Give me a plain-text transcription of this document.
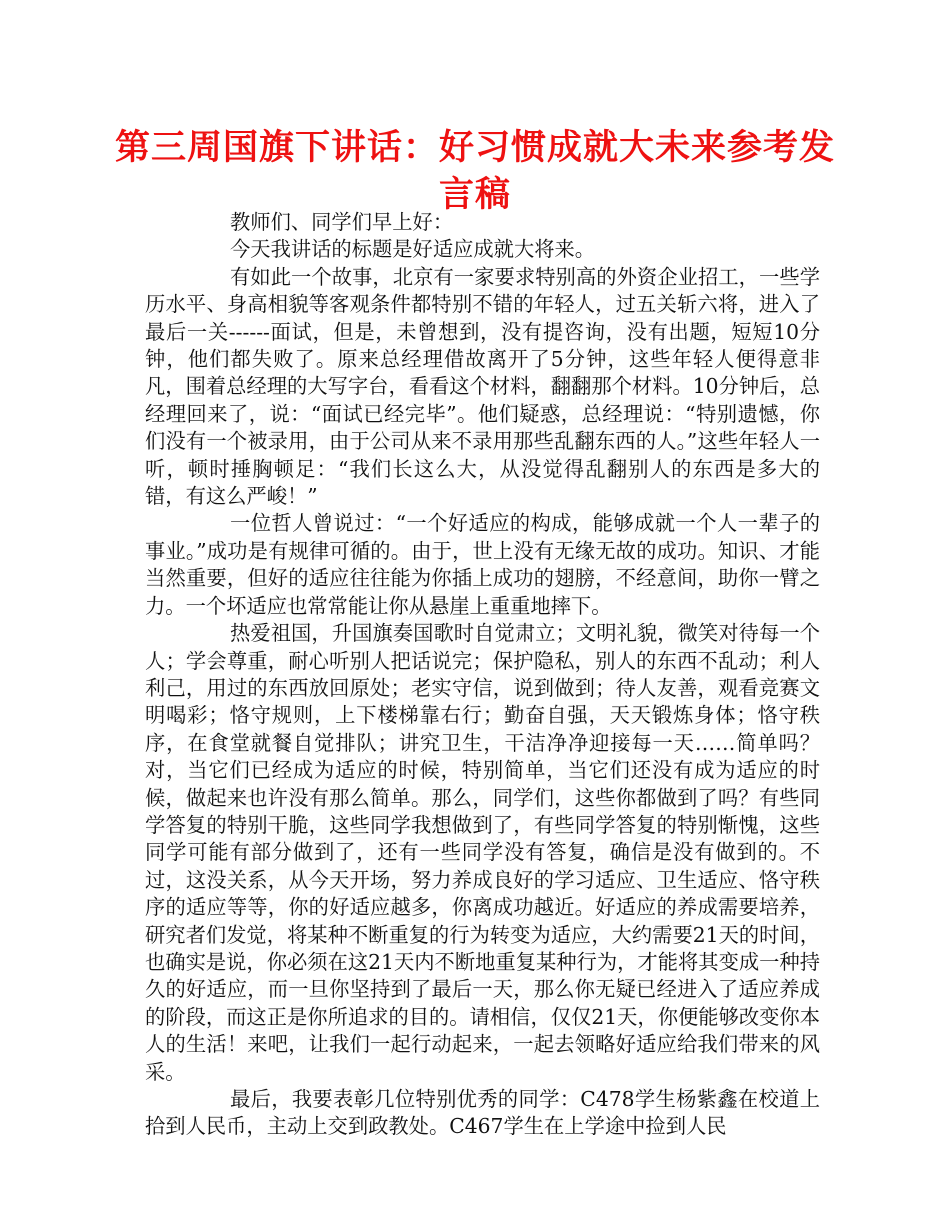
第三周国旗下讲话：好习惯成就大未来参考发言稿

教师们、同学们早上好：

今天我讲话的标题是好适应成就大将来。

有如此一个故事，北京有一家要求特别高的外资企业招工，一些学历水平、身高相貌等客观条件都特别不错的年轻人，过五关斩六将，进入了最后一关------面试，但是，未曾想到，没有提咨询，没有出题，短短10分钟，他们都失败了。原来总经理借故离开了5分钟，这些年轻人便得意非凡，围着总经理的大写字台，看看这个材料，翻翻那个材料。10分钟后，总经理回来了，说：“面试已经完毕”。他们疑惑，总经理说：“特别遗憾，你们没有一个被录用，由于公司从来不录用那些乱翻东西的人。”这些年轻人一听，顿时捶胸顿足：“我们长这么大，从没觉得乱翻别人的东西是多大的错，有这么严峻！”

一位哲人曾说过：“一个好适应的构成，能够成就一个人一辈子的事业。”成功是有规律可循的。由于，世上没有无缘无故的成功。知识、才能当然重要，但好的适应往往能为你插上成功的翅膀，不经意间，助你一臂之力。一个坏适应也常常能让你从悬崖上重重地摔下。

热爱祖国，升国旗奏国歌时自觉肃立；文明礼貌，微笑对待每一个人；学会尊重，耐心听别人把话说完；保护隐私，别人的东西不乱动；利人利己，用过的东西放回原处；老实守信，说到做到；待人友善，观看竞赛文明喝彩；恪守规则，上下楼梯靠右行；勤奋自强，天天锻炼身体；恪守秩序，在食堂就餐自觉排队；讲究卫生，干洁净净迎接每一天……简单吗？对，当它们已经成为适应的时候，特别简单，当它们还没有成为适应的时候，做起来也许没有那么简单。那么，同学们，这些你都做到了吗？有些同学答复的特别干脆，这些同学我想做到了，有些同学答复的特别惭愧，这些同学可能有部分做到了，还有一些同学没有答复，确信是没有做到的。不过，这没关系，从今天开场，努力养成良好的学习适应、卫生适应、恪守秩序的适应等等，你的好适应越多，你离成功越近。好适应的养成需要培养，研究者们发觉，将某种不断重复的行为转变为适应，大约需要21天的时间，也确实是说，你必须在这21天内不断地重复某种行为，才能将其变成一种持久的好适应，而一旦你坚持到了最后一天，那么你无疑已经进入了适应养成的阶段，而这正是你所追求的目的。请相信，仅仅21天，你便能够改变你本人的生活！来吧，让我们一起行动起来，一起去领略好适应给我们带来的风采。

最后，我要表彰几位特别优秀的同学：C478学生杨紫鑫在校道上拾到人民币，主动上交到政教处。C467学生在上学途中捡到人民
